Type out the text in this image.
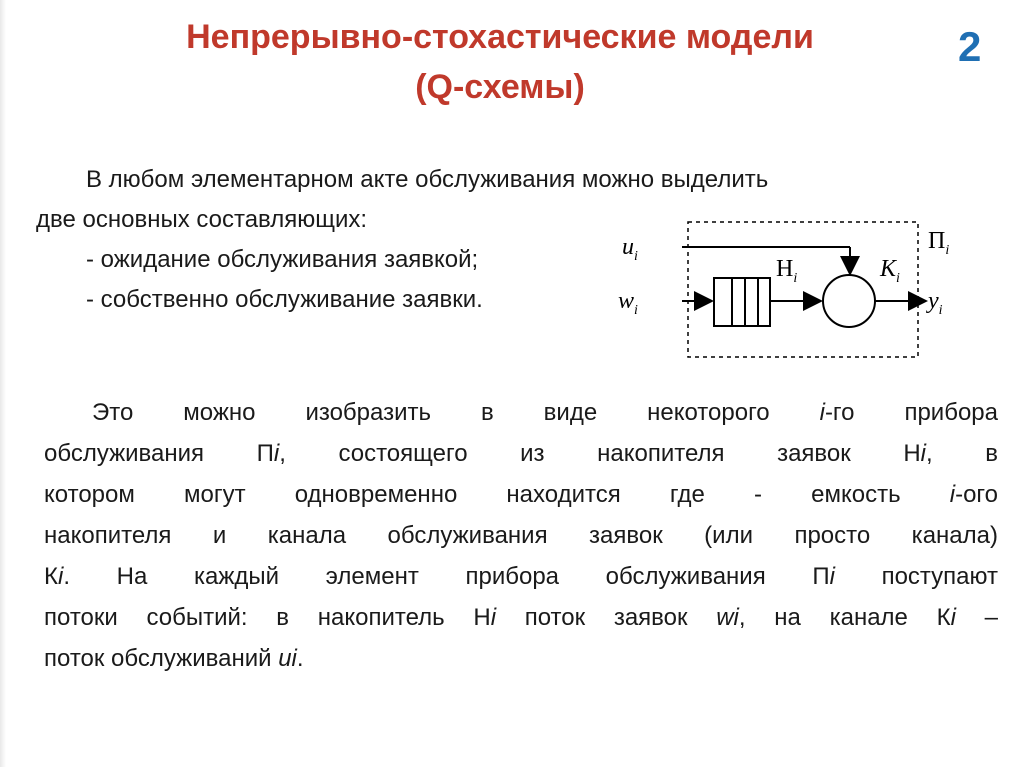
Непрерывно-стохастические модели
(Q-схемы)
2
В любом элементарном акте обслуживания можно выделить
две основных составляющих:
- ожидание обслуживания заявкой;
- собственно обслуживание заявки.
$u_i$
$w_i$
$Н_i$	$K_i$
$П_i$
$y_i$
Это можно изобразить в виде некоторого i-го прибора
обслуживания Пi, состоящего из накопителя заявок Нi, в
котором могут одновременно находится где - емкость i-ого
накопителя и канала обслуживания заявок (или просто канала)
Кi. На каждый элемент прибора обслуживания Пi поступают
потоки событий: в накопитель Нi поток заявок wi, на канале Кi –
поток обслуживаний ui.
